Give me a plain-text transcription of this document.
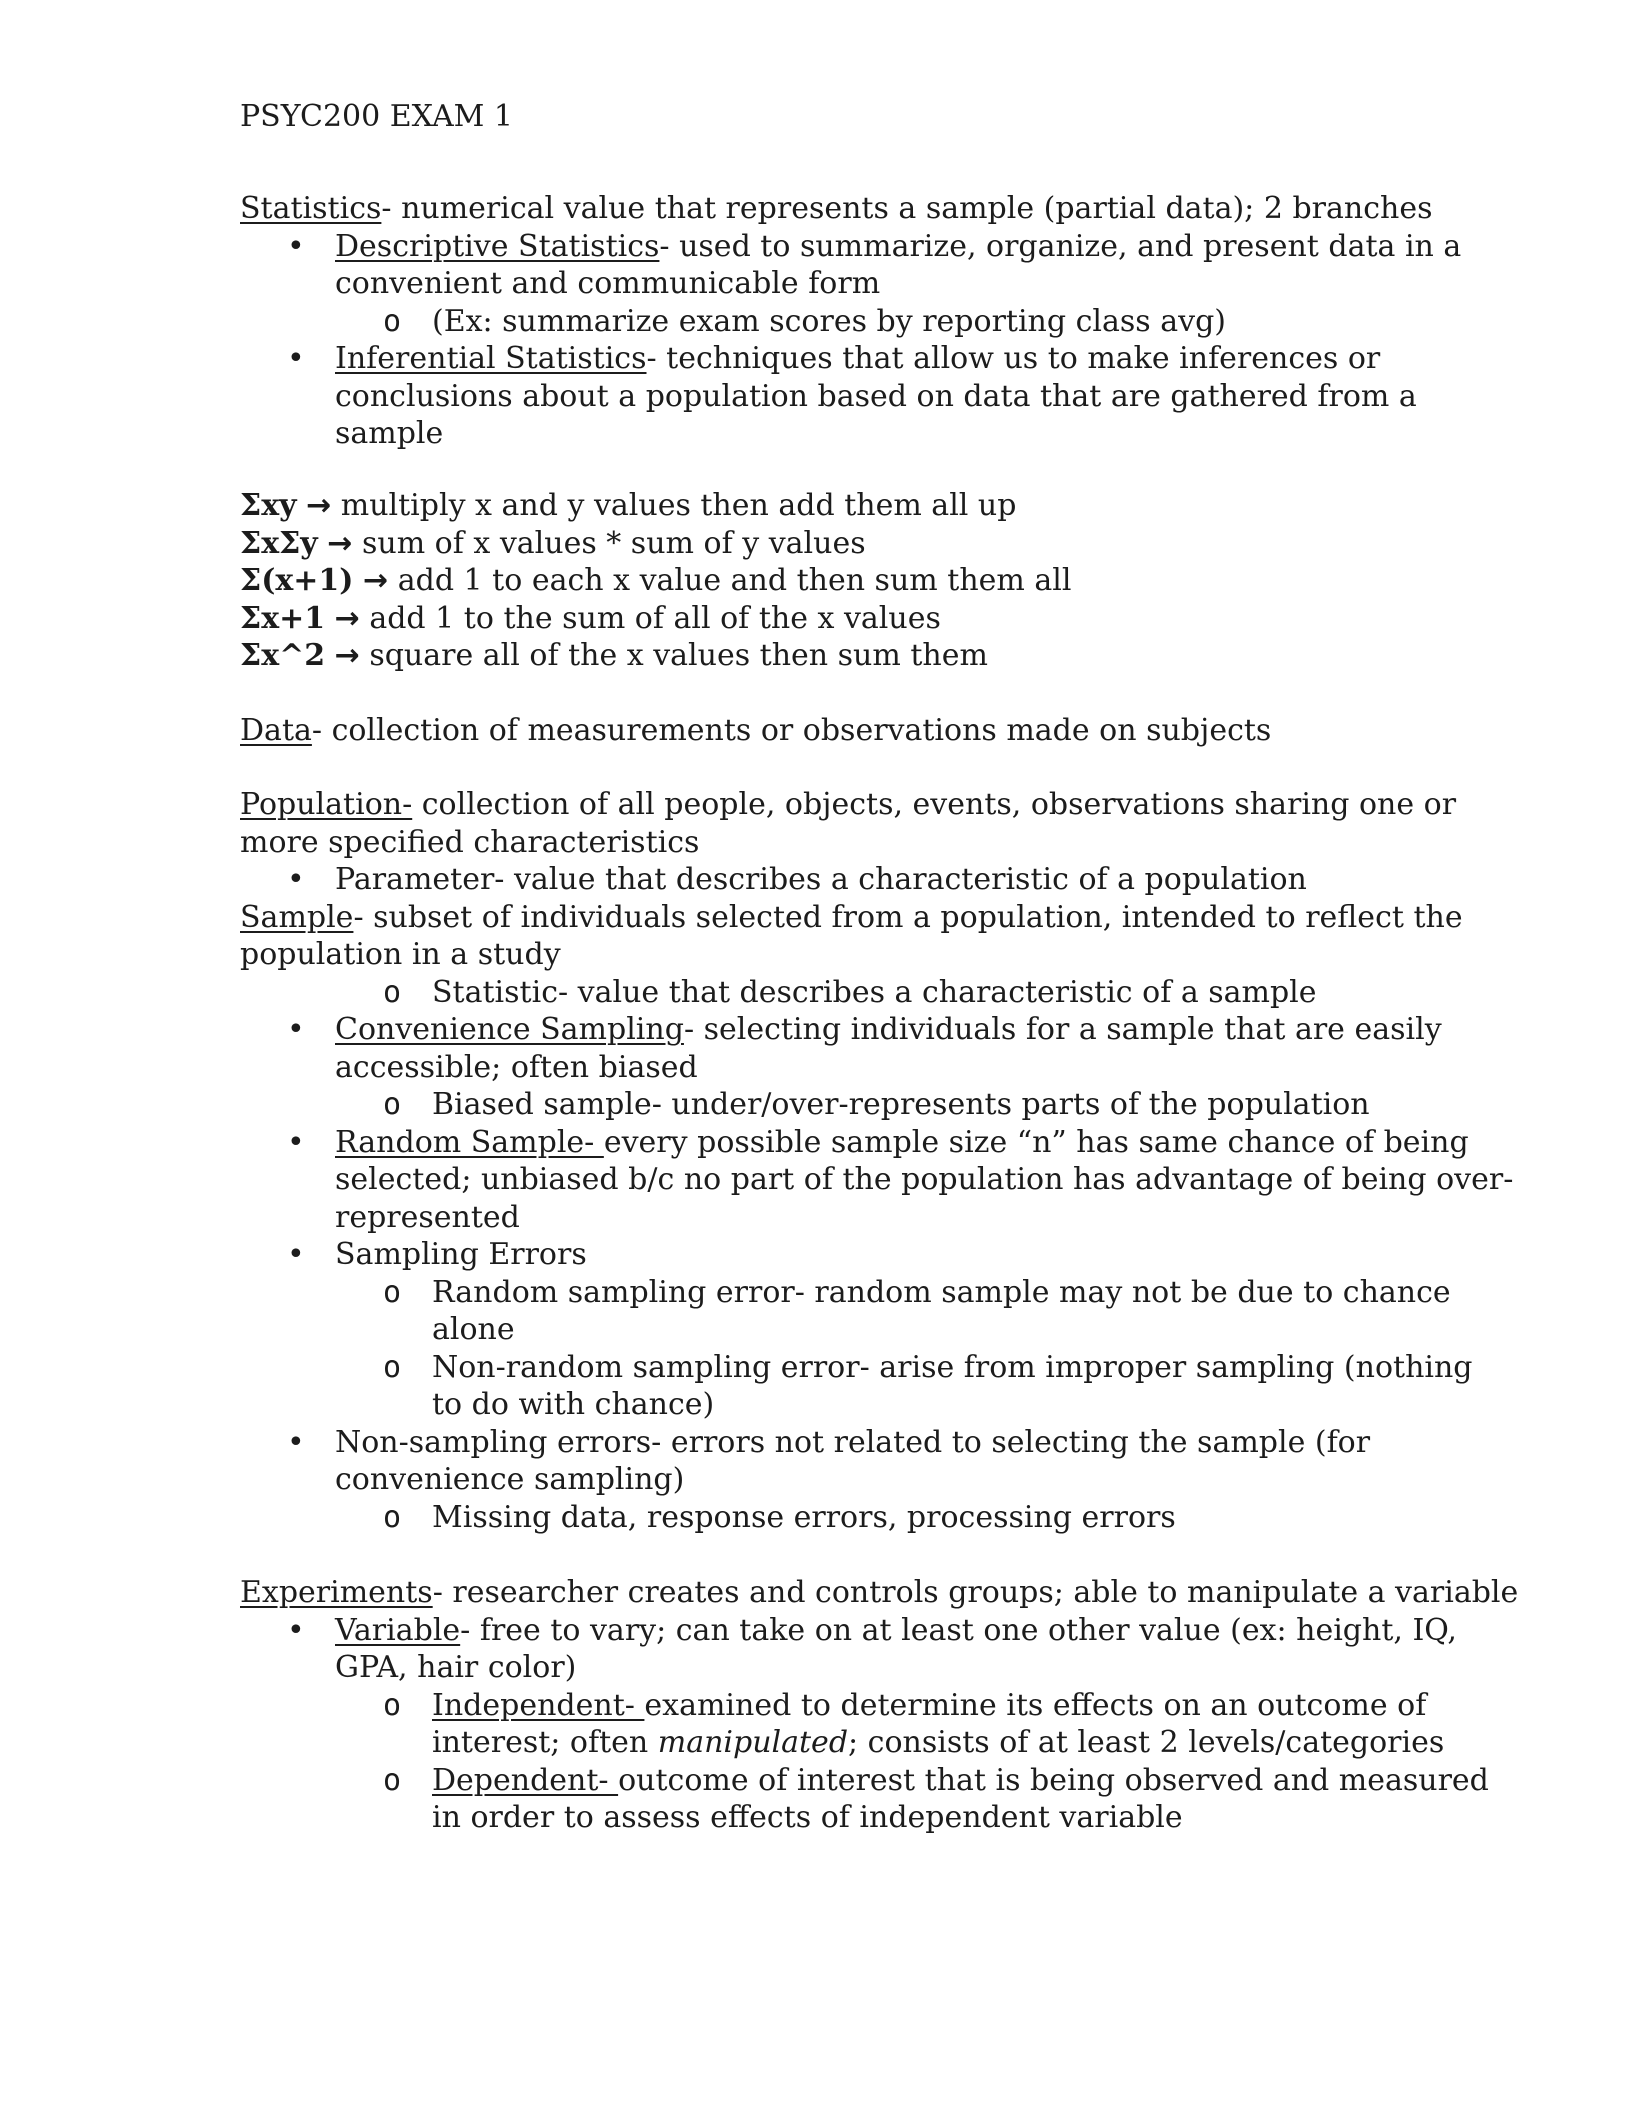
PSYC200 EXAM 1
Statistics- numerical value that represents a sample (partial data); 2 branches
• Descriptive Statistics- used to summarize, organize, and present data in a
convenient and communicable form
o (Ex: summarize exam scores by reporting class avg)
• Inferential Statistics- techniques that allow us to make inferences or
conclusions about a population based on data that are gathered from a
sample
Σxy → multiply x and y values then add them all up
ΣxΣy → sum of x values * sum of y values
Σ(x+1) → add 1 to each x value and then sum them all
Σx+1 → add 1 to the sum of all of the x values
Σx^2 → square all of the x values then sum them
Data- collection of measurements or observations made on subjects
Population- collection of all people, objects, events, observations sharing one or
more specified characteristics
• Parameter- value that describes a characteristic of a population
Sample- subset of individuals selected from a population, intended to reflect the
population in a study
o Statistic- value that describes a characteristic of a sample
• Convenience Sampling- selecting individuals for a sample that are easily
accessible; often biased
o Biased sample- under/over-represents parts of the population
• Random Sample- every possible sample size “n” has same chance of being
selected; unbiased b/c no part of the population has advantage of being over-
represented
• Sampling Errors
o Random sampling error- random sample may not be due to chance
alone
o Non-random sampling error- arise from improper sampling (nothing
to do with chance)
• Non-sampling errors- errors not related to selecting the sample (for
convenience sampling)
o Missing data, response errors, processing errors
Experiments- researcher creates and controls groups; able to manipulate a variable
• Variable- free to vary; can take on at least one other value (ex: height, IQ,
GPA, hair color)
o Independent- examined to determine its effects on an outcome of
interest; often manipulated; consists of at least 2 levels/categories
o Dependent- outcome of interest that is being observed and measured
in order to assess effects of independent variable
